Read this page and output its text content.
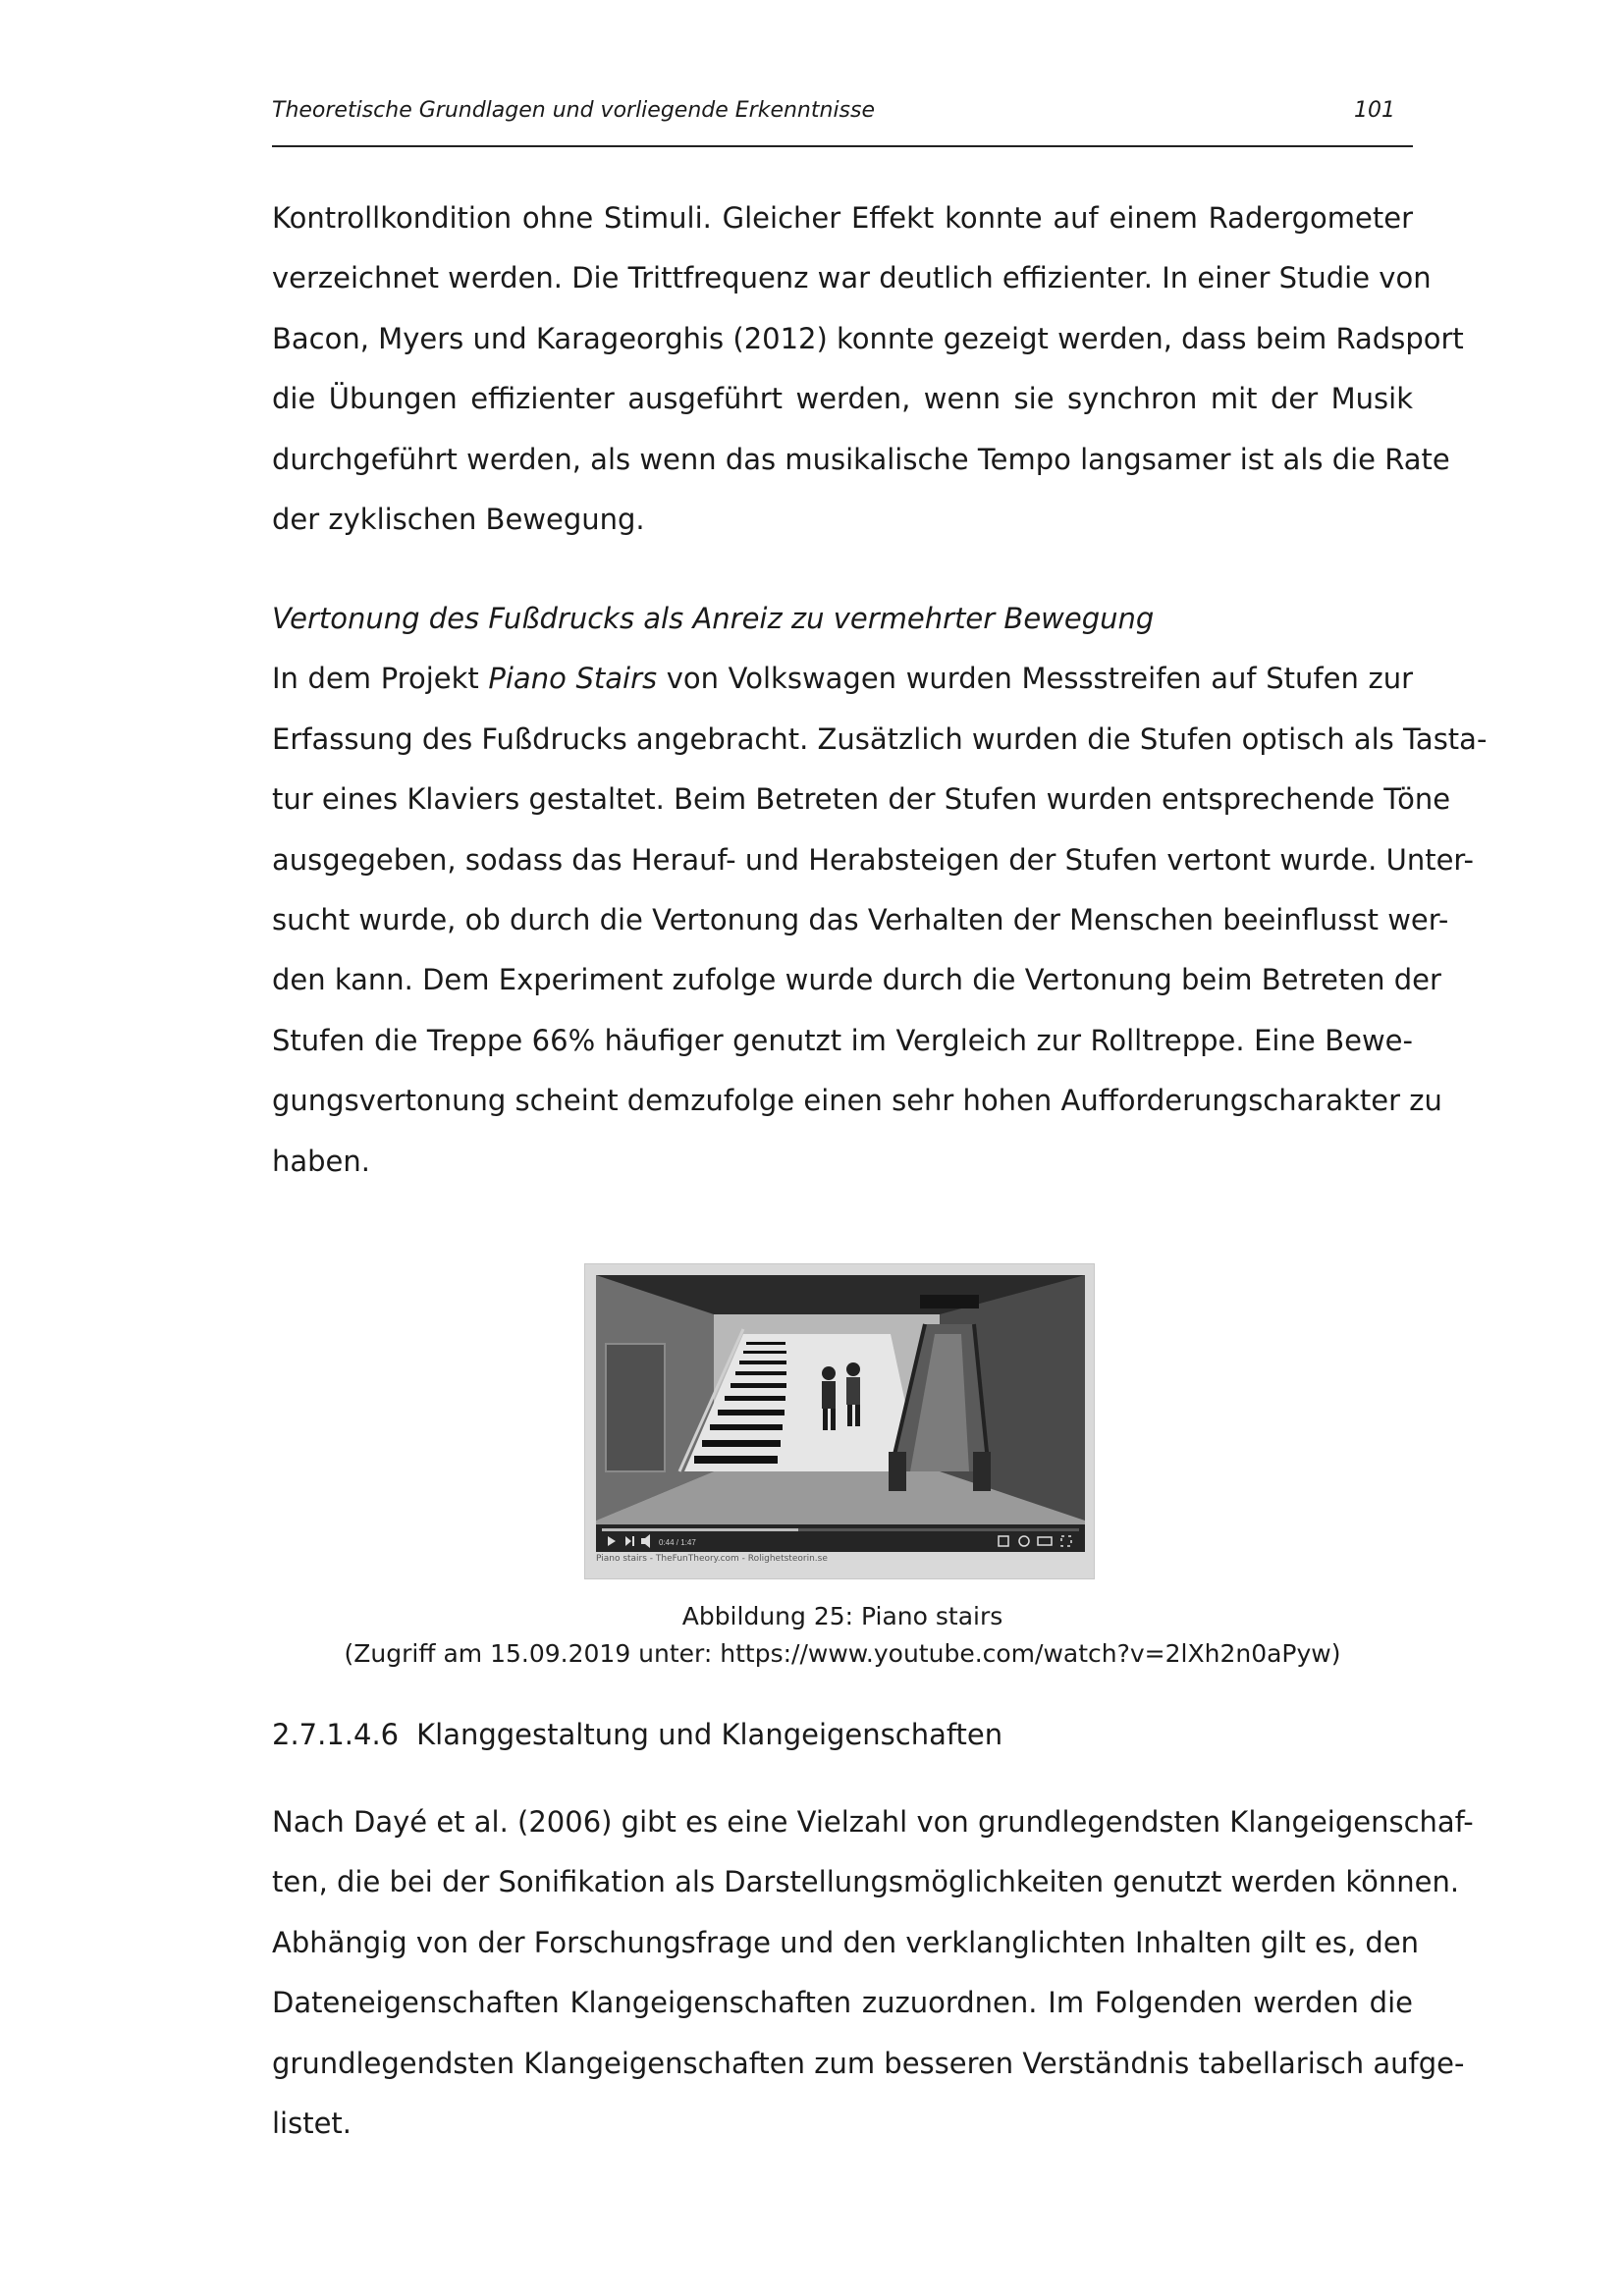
Theoretische Grundlagen und vorliegende Erkenntnisse	101
Kontrollkondition ohne Stimuli. Gleicher Effekt konnte auf einem Radergometer
verzeichnet werden. Die Trittfrequenz war deutlich effizienter. In einer Studie von
Bacon, Myers und Karageorghis (2012) konnte gezeigt werden, dass beim Radsport
die Übungen effizienter ausgeführt werden, wenn sie synchron mit der Musik
durchgeführt werden, als wenn das musikalische Tempo langsamer ist als die Rate
der zyklischen Bewegung.
Vertonung des Fußdrucks als Anreiz zu vermehrter Bewegung
In dem Projekt Piano Stairs von Volkswagen wurden Messstreifen auf Stufen zur
Erfassung des Fußdrucks angebracht. Zusätzlich wurden die Stufen optisch als Tasta-
tur eines Klaviers gestaltet. Beim Betreten der Stufen wurden entsprechende Töne
ausgegeben, sodass das Herauf- und Herabsteigen der Stufen vertont wurde. Unter-
sucht wurde, ob durch die Vertonung das Verhalten der Menschen beeinflusst wer-
den kann. Dem Experiment zufolge wurde durch die Vertonung beim Betreten der
Stufen die Treppe 66% häufiger genutzt im Vergleich zur Rolltreppe. Eine Bewe-
gungsvertonung scheint demzufolge einen sehr hohen Aufforderungscharakter zu
haben.
0:44 / 1:47
Piano stairs - TheFunTheory.com - Rolighetsteorin.se
Abbildung 25: Piano stairs
(Zugriff am 15.09.2019 unter: https://www.youtube.com/watch?v=2lXh2n0aPyw)
2.7.1.4.6 Klanggestaltung und Klangeigenschaften
Nach Dayé et al. (2006) gibt es eine Vielzahl von grundlegendsten Klangeigenschaf-
ten, die bei der Sonifikation als Darstellungsmöglichkeiten genutzt werden können.
Abhängig von der Forschungsfrage und den verklanglichten Inhalten gilt es, den
Dateneigenschaften Klangeigenschaften zuzuordnen. Im Folgenden werden die
grundlegendsten Klangeigenschaften zum besseren Verständnis tabellarisch aufge-
listet.
